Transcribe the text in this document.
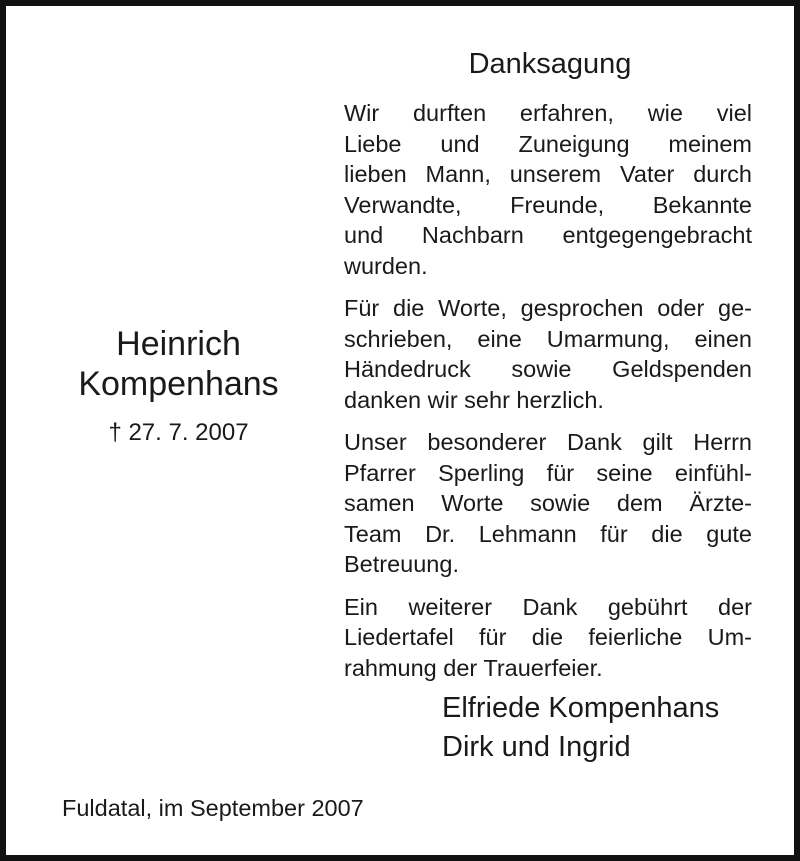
Heinrich
Kompenhans
† 27. 7. 2007
Danksagung
Wir durften erfahren, wie viel
Liebe und Zuneigung meinem
lieben Mann, unserem Vater durch
Verwandte, Freunde, Bekannte
und Nachbarn entgegengebracht
wurden.
Für die Worte, gesprochen oder ge-
schrieben, eine Umarmung, einen
Händedruck sowie Geldspenden
danken wir sehr herzlich.
Unser besonderer Dank gilt Herrn
Pfarrer Sperling für seine einfühl-
samen Worte sowie dem Ärzte-
Team Dr. Lehmann für die gute
Betreuung.
Ein weiterer Dank gebührt der
Liedertafel für die feierliche Um-
rahmung der Trauerfeier.
Elfriede Kompenhans
Dirk und Ingrid
Fuldatal, im September 2007
